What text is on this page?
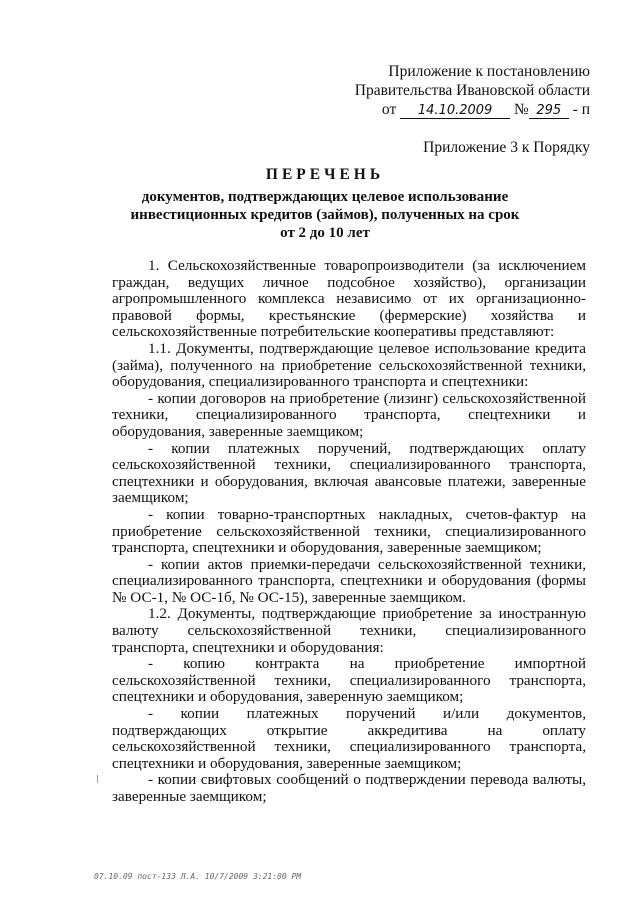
Приложение к постановлению
Правительства Ивановской области
от 14.10.2009 № 295 - п
Приложение 3 к Порядку
ПЕРЕЧЕНЬ
документов, подтверждающих целевое использование
инвестиционных кредитов (займов), полученных на срок
от 2 до 10 лет

1. Сельскохозяйственные товаропроизводители (за исключением граждан, ведущих личное подсобное хозяйство), организации агропромышленного комплекса независимо от их организационно-правовой формы, крестьянские (фермерские) хозяйства и сельскохозяйственные потребительские кооперативы представляют:

1.1. Документы, подтверждающие целевое использование кредита (займа), полученного на приобретение сельскохозяйственной техники, оборудования, специализированного транспорта и спецтехники:

- копии договоров на приобретение (лизинг) сельскохозяйственной техники, специализированного транспорта, спецтехники и оборудования, заверенные заемщиком;

- копии платежных поручений, подтверждающих оплату сельскохозяйственной техники, специализированного транспорта, спецтехники и оборудования, включая авансовые платежи, заверенные заемщиком;

- копии товарно-транспортных накладных, счетов-фактур на приобретение сельскохозяйственной техники, специализированного транспорта, спецтехники и оборудования, заверенные заемщиком;

- копии актов приемки-передачи сельскохозяйственной техники, специализированного транспорта, спецтехники и оборудования (формы № ОС-1, № ОС-1б, № ОС-15), заверенные заемщиком.

1.2. Документы, подтверждающие приобретение за иностранную валюту сельскохозяйственной техники, специализированного транспорта, спецтехники и оборудования:

- копию контракта на приобретение импортной сельскохозяйственной техники, специализированного транспорта, спецтехники и оборудования, заверенную заемщиком;

- копии платежных поручений и/или документов, подтверждающих открытие аккредитива на оплату сельскохозяйственной техники, специализированного транспорта, спецтехники и оборудования, заверенные заемщиком;

- копии свифтовых сообщений о подтверждении перевода валюты, заверенные заемщиком;

07.10.09 пост-133 Л.А. 10/7/2009 3:21:00 PM
